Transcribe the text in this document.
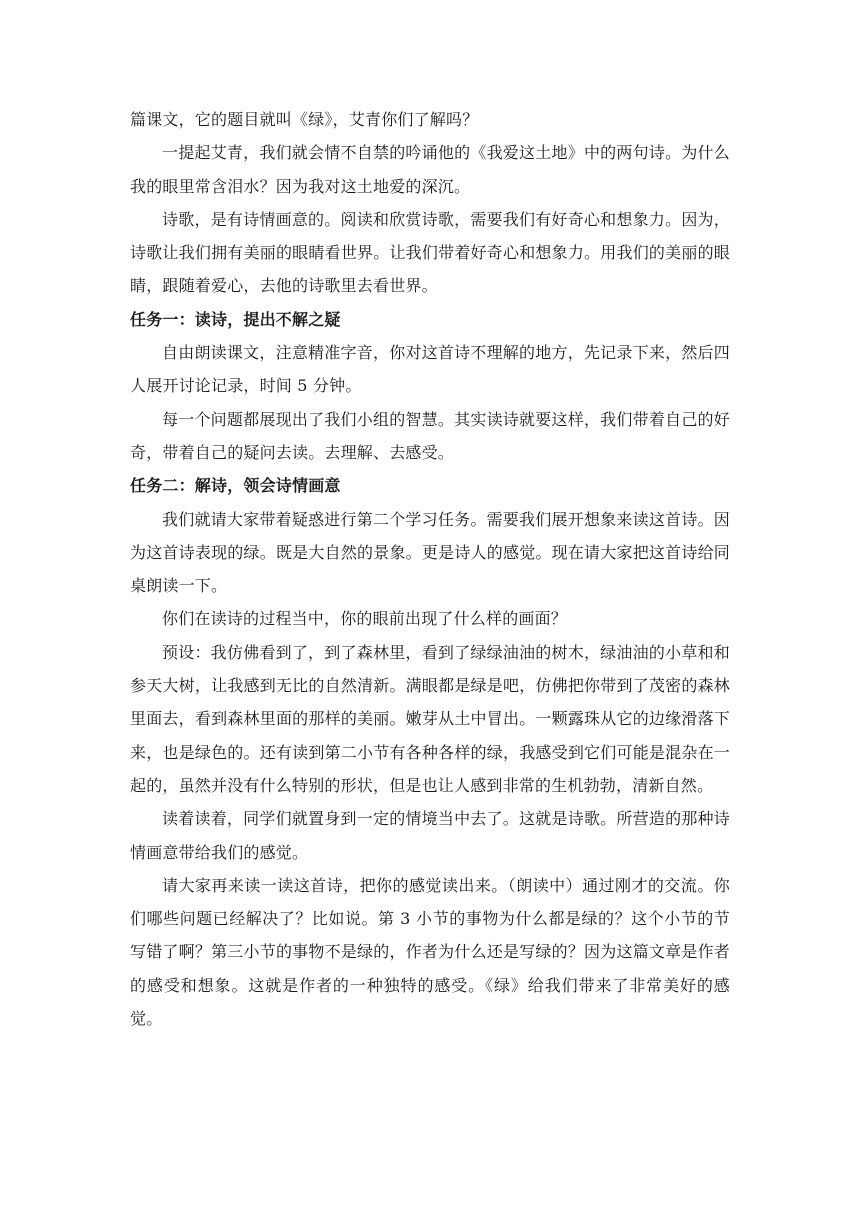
篇课文，它的题目就叫《绿》，艾青你们了解吗？

一提起艾青，我们就会情不自禁的吟诵他的《我爱这土地》中的两句诗。为什么我的眼里常含泪水？因为我对这土地爱的深沉。

诗歌，是有诗情画意的。阅读和欣赏诗歌，需要我们有好奇心和想象力。因为，诗歌让我们拥有美丽的眼睛看世界。让我们带着好奇心和想象力。用我们的美丽的眼睛，跟随着爱心，去他的诗歌里去看世界。

任务一：读诗，提出不解之疑

自由朗读课文，注意精准字音，你对这首诗不理解的地方，先记录下来，然后四人展开讨论记录，时间 5 分钟。

每一个问题都展现出了我们小组的智慧。其实读诗就要这样，我们带着自己的好奇，带着自己的疑问去读。去理解、去感受。

任务二：解诗，领会诗情画意

我们就请大家带着疑惑进行第二个学习任务。需要我们展开想象来读这首诗。因为这首诗表现的绿。既是大自然的景象。更是诗人的感觉。现在请大家把这首诗给同桌朗读一下。

你们在读诗的过程当中，你的眼前出现了什么样的画面？

预设：我仿佛看到了，到了森林里，看到了绿绿油油的树木，绿油油的小草和和参天大树，让我感到无比的自然清新。满眼都是绿是吧，仿佛把你带到了茂密的森林里面去，看到森林里面的那样的美丽。嫩芽从土中冒出。一颗露珠从它的边缘滑落下来，也是绿色的。还有读到第二小节有各种各样的绿，我感受到它们可能是混杂在一起的，虽然并没有什么特别的形状，但是也让人感到非常的生机勃勃，清新自然。

读着读着，同学们就置身到一定的情境当中去了。这就是诗歌。所营造的那种诗情画意带给我们的感觉。

请大家再来读一读这首诗，把你的感觉读出来。（朗读中）通过刚才的交流。你们哪些问题已经解决了？比如说。第 3 小节的事物为什么都是绿的？这个小节的节写错了啊？第三小节的事物不是绿的，作者为什么还是写绿的？因为这篇文章是作者的感受和想象。这就是作者的一种独特的感受。《绿》给我们带来了非常美好的感觉。
